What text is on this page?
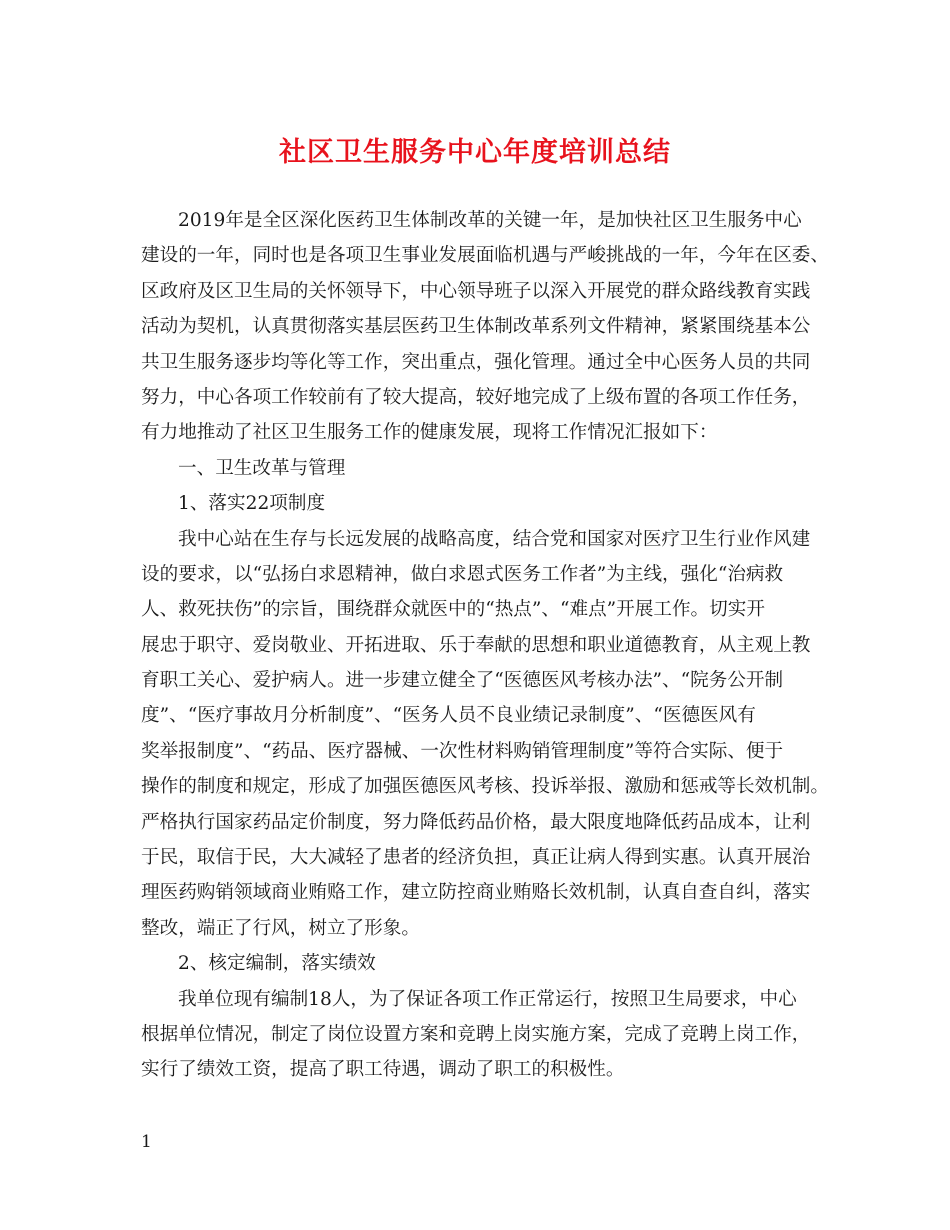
社区卫生服务中心年度培训总结
2019年是全区深化医药卫生体制改革的关键一年，是加快社区卫生服务中心
建设的一年，同时也是各项卫生事业发展面临机遇与严峻挑战的一年，今年在区委、
区政府及区卫生局的关怀领导下，中心领导班子以深入开展党的群众路线教育实践
活动为契机，认真贯彻落实基层医药卫生体制改革系列文件精神，紧紧围绕基本公
共卫生服务逐步均等化等工作，突出重点，强化管理。通过全中心医务人员的共同
努力，中心各项工作较前有了较大提高，较好地完成了上级布置的各项工作任务，
有力地推动了社区卫生服务工作的健康发展，现将工作情况汇报如下：
一、卫生改革与管理
1、落实22项制度
我中心站在生存与长远发展的战略高度，结合党和国家对医疗卫生行业作风建
设的要求，以“弘扬白求恩精神，做白求恩式医务工作者”为主线，强化“治病救
人、救死扶伤”的宗旨，围绕群众就医中的“热点”、“难点”开展工作。切实开
展忠于职守、爱岗敬业、开拓进取、乐于奉献的思想和职业道德教育，从主观上教
育职工关心、爱护病人。进一步建立健全了“医德医风考核办法”、“院务公开制
度”、“医疗事故月分析制度”、“医务人员不良业绩记录制度”、“医德医风有
奖举报制度”、“药品、医疗器械、一次性材料购销管理制度”等符合实际、便于
操作的制度和规定，形成了加强医德医风考核、投诉举报、激励和惩戒等长效机制。
严格执行国家药品定价制度，努力降低药品价格，最大限度地降低药品成本，让利
于民，取信于民，大大减轻了患者的经济负担，真正让病人得到实惠。认真开展治
理医药购销领域商业贿赂工作，建立防控商业贿赂长效机制，认真自查自纠，落实
整改，端正了行风，树立了形象。
2、核定编制，落实绩效
我单位现有编制18人，为了保证各项工作正常运行，按照卫生局要求，中心
根据单位情况，制定了岗位设置方案和竞聘上岗实施方案，完成了竞聘上岗工作，
实行了绩效工资，提高了职工待遇，调动了职工的积极性。
1
